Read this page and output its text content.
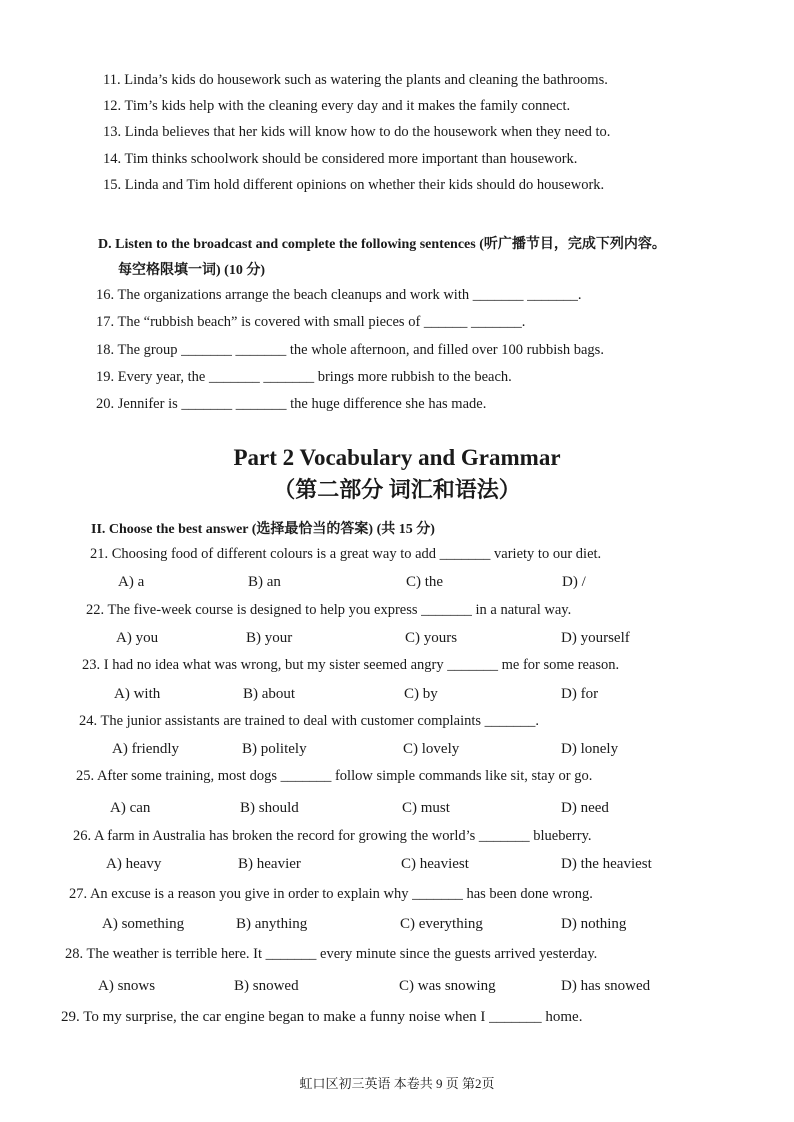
11. Linda’s kids do housework such as watering the plants and cleaning the bathrooms.
12. Tim’s kids help with the cleaning every day and it makes the family connect.
13. Linda believes that her kids will know how to do the housework when they need to.
14. Tim thinks schoolwork should be considered more important than housework.
15. Linda and Tim hold different opinions on whether their kids should do housework.
D. Listen to the broadcast and complete the following sentences (听广播节目，完成下列内容。
每空格限填一词) (10 分)
16. The organizations arrange the beach cleanups and work with _______ _______.
17. The “rubbish beach” is covered with small pieces of ______ _______.
18. The group _______ _______ the whole afternoon, and filled over 100 rubbish bags.
19. Every year, the _______ _______ brings more rubbish to the beach.
20. Jennifer is _______ _______ the huge difference she has made.
Part 2 Vocabulary and Grammar
（第二部分 词汇和语法）
II. Choose the best answer (选择最恰当的答案) (共 15 分)
21. Choosing food of different colours is a great way to add _______ variety to our diet.
A) a	B) an	C) the	D) /
22. The five-week course is designed to help you express _______ in a natural way.
A) you	B) your	C) yours	D) yourself
23. I had no idea what was wrong, but my sister seemed angry _______ me for some reason.
A) with	B) about	C) by	D) for
24. The junior assistants are trained to deal with customer complaints _______.
A) friendly	B) politely	C) lovely	D) lonely
25. After some training, most dogs _______ follow simple commands like sit, stay or go.
A) can	B) should	C) must	D) need
26. A farm in Australia has broken the record for growing the world’s _______ blueberry.
A) heavy	B) heavier	C) heaviest	D) the heaviest
27. An excuse is a reason you give in order to explain why _______ has been done wrong.
A) something	B) anything	C) everything	D) nothing
28. The weather is terrible here. It _______ every minute since the guests arrived yesterday.
A) snows	B) snowed	C) was snowing	D) has snowed
29. To my surprise, the car engine began to make a funny noise when I _______ home.
虹口区初三英语 本卷共 9 页 第2页
